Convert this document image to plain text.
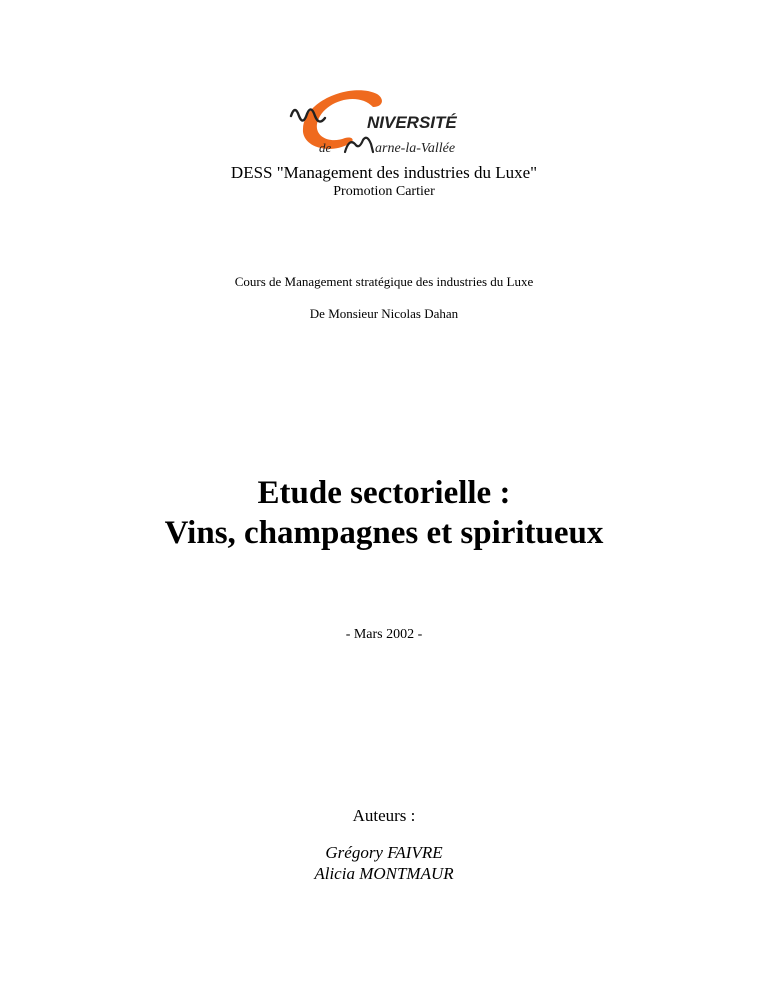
NIVERSITÉ
de	arne-la-Vallée
DESS "Management des industries du Luxe"
Promotion Cartier
Cours de Management stratégique des industries du Luxe
De Monsieur Nicolas Dahan
Etude sectorielle :
Vins, champagnes et spiritueux
- Mars 2002 -
Auteurs :
Grégory FAIVRE
Alicia MONTMAUR
